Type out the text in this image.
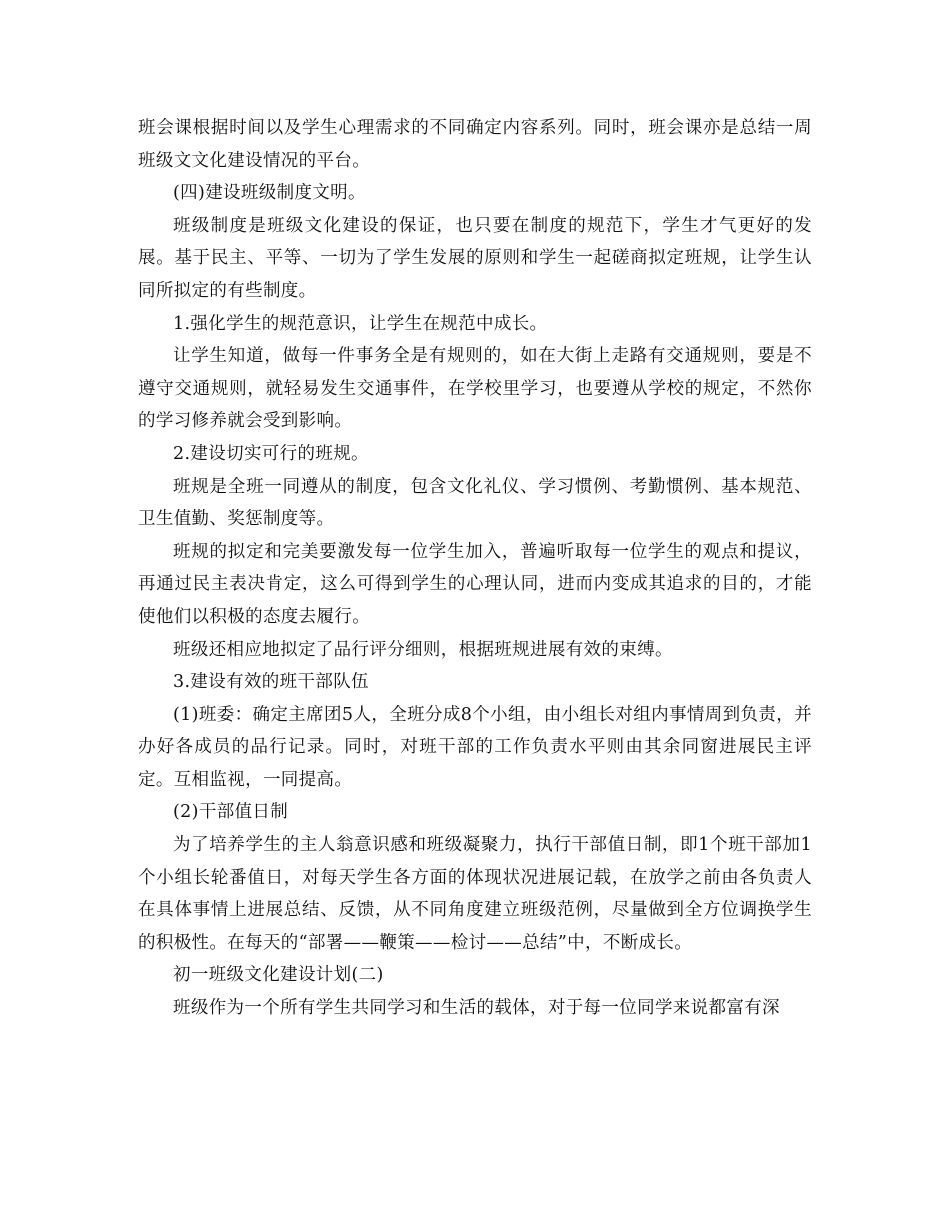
班会课根据时间以及学生心理需求的不同确定内容系列。同时，班会课亦是总结一周班级文文化建设情况的平台。

(四)建设班级制度文明。

班级制度是班级文化建设的保证，也只要在制度的规范下，学生才气更好的发展。基于民主、平等、一切为了学生发展的原则和学生一起磋商拟定班规，让学生认同所拟定的有些制度。

1.强化学生的规范意识，让学生在规范中成长。

让学生知道，做每一件事务全是有规则的，如在大街上走路有交通规则，要是不遵守交通规则，就轻易发生交通事件，在学校里学习，也要遵从学校的规定，不然你的学习修养就会受到影响。

2.建设切实可行的班规。

班规是全班一同遵从的制度，包含文化礼仪、学习惯例、考勤惯例、基本规范、卫生值勤、奖惩制度等。

班规的拟定和完美要激发每一位学生加入，普遍听取每一位学生的观点和提议，再通过民主表决肯定，这么可得到学生的心理认同，进而内变成其追求的目的，才能使他们以积极的态度去履行。

班级还相应地拟定了品行评分细则，根据班规进展有效的束缚。

3.建设有效的班干部队伍

(1)班委：确定主席团5人，全班分成8个小组，由小组长对组内事情周到负责，并办好各成员的品行记录。同时，对班干部的工作负责水平则由其余同窗进展民主评定。互相监视，一同提高。

(2)干部值日制

为了培养学生的主人翁意识感和班级凝聚力，执行干部值日制，即1个班干部加1个小组长轮番值日，对每天学生各方面的体现状况进展记载，在放学之前由各负责人在具体事情上进展总结、反馈，从不同角度建立班级范例，尽量做到全方位调换学生的积极性。在每天的“部署——鞭策——检讨——总结”中，不断成长。

初一班级文化建设计划(二)

班级作为一个所有学生共同学习和生活的载体，对于每一位同学来说都富有深
